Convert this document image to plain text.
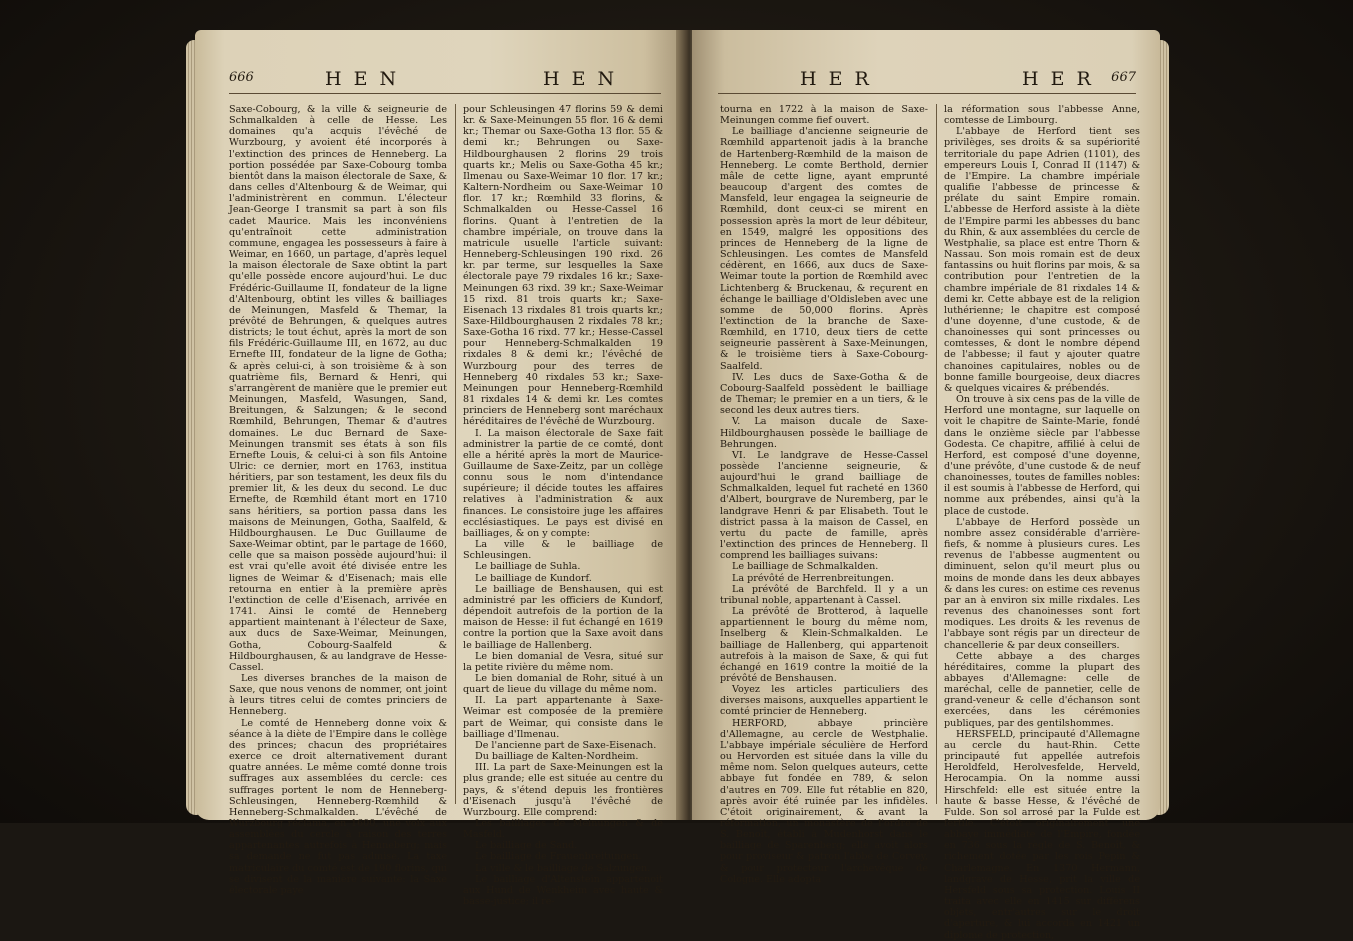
666	H E N	H E N

Saxe-Cobourg, & la ville & seigneurie de Schmalkalden à celle de Hesse. Les domaines qu'a acquis l'évêché de Wurzbourg, y avoient été incorporés à l'extinction des princes de Henneberg. La portion possédée par Saxe-Cobourg tomba bientôt dans la maison électorale de Saxe, & dans celles d'Altenbourg & de Weimar, qui l'administrèrent en commun. L'électeur Jean-George I transmit sa part à son fils cadet Maurice. Mais les inconvéniens qu'entraînoit cette administration commune, engagea les possesseurs à faire à Weimar, en 1660, un partage, d'après lequel la maison électorale de Saxe obtint la part qu'elle possède encore aujourd'hui. Le duc Frédéric-Guillaume II, fondateur de la ligne d'Altenbourg, obtint les villes & bailliages de Meinungen, Masfeld & Themar, la prévôté de Behrungen, & quelques autres districts; le tout échut, après la mort de son fils Frédéric-Guillaume III, en 1672, au duc Ernefte III, fondateur de la ligne de Gotha; & après celui-ci, à son troisième & à son quatrième fils, Bernard & Henri, qui s'arrangèrent de manière que le premier eut Meinungen, Masfeld, Wasungen, Sand, Breitungen, & Salzungen; & le second Rœmhild, Behrungen, Themar & d'autres domaines. Le duc Bernard de Saxe-Meinungen transmit ses états à son fils Ernefte Louis, & celui-ci à son fils Antoine Ulric: ce dernier, mort en 1763, institua héritiers, par son testament, les deux fils du premier lit, & les deux du second. Le duc Ernefte, de Rœmhild étant mort en 1710 sans héritiers, sa portion passa dans les maisons de Meinungen, Gotha, Saalfeld, & Hildbourghausen. Le Duc Guillaume de Saxe-Weimar obtint, par le partage de 1660, celle que sa maison possède aujourd'hui: il est vrai qu'elle avoit été divisée entre les lignes de Weimar & d'Eisenach; mais elle retourna en entier à la première après l'extinction de celle d'Eisenach, arrivée en 1741. Ainsi le comté de Henneberg appartient maintenant à l'électeur de Saxe, aux ducs de Saxe-Weimar, Meinungen, Gotha, Cobourg-Saalfeld & Hildbourghausen, & au landgrave de Hesse-Cassel.

Les diverses branches de la maison de Saxe, que nous venons de nommer, ont joint à leurs titres celui de comtes princiers de Henneberg.

Le comté de Henneberg donne voix & séance à la diète de l'Empire dans le collège des princes; chacun des propriétaires exerce ce droit alternativement durant quatre années. Le même comté donne trois suffrages aux assemblées du cercle: ces suffrages portent le nom de Henneberg-Schleusingen, Henneberg-Rœmhild & Henneberg-Schmalkalden. L'évêché de Wurzbourg réclama, en 1600, une voix aux assemblées du cercle à raison des terres appartenantes autrefois à Henneberg; mais sa demande ne fut pas admise. La taxe matriculaire du comté est de 190 florins, qui se divisent de la manière suivante: la Saxe électorale paye

pour Schleusingen 47 florins 59 & demi kr. & Saxe-Meinungen 55 flor. 16 & demi kr.; Themar ou Saxe-Gotha 13 flor. 55 & demi kr.; Behrungen ou Saxe-Hildbourghausen 2 florins 29 trois quarts kr.; Melis ou Saxe-Gotha 45 kr.; Ilmenau ou Saxe-Weimar 10 flor. 17 kr.; Kaltern-Nordheim ou Saxe-Weimar 10 flor. 17 kr.; Rœmhild 33 florins, & Schmalkalden ou Hesse-Cassel 16 florins. Quant à l'entretien de la chambre impériale, on trouve dans la matricule usuelle l'article suivant: Henneberg-Schleusingen 190 rixd. 26 kr. par terme, sur lesquelles la Saxe électorale paye 79 rixdales 16 kr.; Saxe-Meinungen 63 rixd. 39 kr.; Saxe-Weimar 15 rixd. 81 trois quarts kr.; Saxe-Eisenach 13 rixdales 81 trois quarts kr.; Saxe-Hildbourghausen 2 rixdales 78 kr.; Saxe-Gotha 16 rixd. 77 kr.; Hesse-Cassel pour Henneberg-Schmalkalden 19 rixdales 8 & demi kr.; l'évêché de Wurzbourg pour des terres de Henneberg 40 rixdales 53 kr.; Saxe-Meinungen pour Henneberg-Rœmhild 81 rixdales 14 & demi kr. Les comtes princiers de Henneberg sont maréchaux héréditaires de l'évêché de Wurzbourg.

I. La maison électorale de Saxe fait administrer la partie de ce comté, dont elle a hérité après la mort de Maurice-Guillaume de Saxe-Zeitz, par un collège connu sous le nom d'intendance supérieure; il décide toutes les affaires relatives à l'administration & aux finances. Le consistoire juge les affaires ecclésiastiques. Le pays est divisé en bailliages, & on y compte:

La ville & le bailliage de Schleusingen.

Le bailliage de Suhla.

Le bailliage de Kundorf.

Le bailliage de Benshausen, qui est administré par les officiers de Kundorf, dépendoit autrefois de la portion de la maison de Hesse: il fut échangé en 1619 contre la portion que la Saxe avoit dans le bailliage de Hallenberg.

Le bien domanial de Vesra, situé sur la petite rivière du même nom.

Le bien domanial de Rohr, situé à un quart de lieue du village du même nom.

II. La part appartenante à Saxe-Weimar est composée de la première part de Weimar, qui consiste dans le bailliage d'Ilmenau.

De l'ancienne part de Saxe-Eisenach.

Du bailliage de Kalten-Nordheim.

III. La part de Saxe-Meinungen est la plus grande; elle est située au centre du pays, & s'étend depuis les frontières d'Eisenach jusqu'à l'évêché de Wurzbourg. Elle comprend:

Les bailliages de Meinungen & de Masfeld.

Le bailliage de Sand.

Le bailliage de Frauenbreitungen.

La ville & le bailliage de Salzungen.

Le bailliage d'Altenstein appartenoit aux Hund de Wenkheim avec haute & basse-justice; il re-

H E R	H E R 667

tourna en 1722 à la maison de Saxe-Meinungen comme fief ouvert.

Le bailliage d'ancienne seigneurie de Rœmhild appartenoit jadis à la branche de Hartenberg-Rœmhild de la maison de Henneberg. Le comte Berthold, dernier mâle de cette ligne, ayant emprunté beaucoup d'argent des comtes de Mansfeld, leur engagea la seigneurie de Rœmhild, dont ceux-ci se mirent en possession après la mort de leur débiteur, en 1549, malgré les oppositions des princes de Henneberg de la ligne de Schleusingen. Les comtes de Mansfeld cédèrent, en 1666, aux ducs de Saxe-Weimar toute la portion de Rœmhild avec Lichtenberg & Bruckenau, & reçurent en échange le bailliage d'Oldisleben avec une somme de 50,000 florins. Après l'extinction de la branche de Saxe-Rœmhild, en 1710, deux tiers de cette seigneurie passèrent à Saxe-Meinungen, & le troisième tiers à Saxe-Cobourg-Saalfeld.

IV. Les ducs de Saxe-Gotha & de Cobourg-Saalfeld possèdent le bailliage de Themar; le premier en a un tiers, & le second les deux autres tiers.

V. La maison ducale de Saxe-Hildbourghausen possède le bailliage de Behrungen.

VI. Le landgrave de Hesse-Cassel possède l'ancienne seigneurie, & aujourd'hui le grand bailliage de Schmalkalden, lequel fut racheté en 1360 d'Albert, bourgrave de Nuremberg, par le landgrave Henri & par Elisabeth. Tout le district passa à la maison de Cassel, en vertu du pacte de famille, après l'extinction des princes de Henneberg. Il comprend les bailliages suivans:

Le bailliage de Schmalkalden.

La prévôté de Herrenbreitungen.

La prévôté de Barchfeld. Il y a un tribunal noble, appartenant à Cassel.

La prévôté de Brotterod, à laquelle appartiennent le bourg du même nom, Inselberg & Klein-Schmalkalden. Le bailliage de Hallenberg, qui appartenoit autrefois à la maison de Saxe, & qui fut échangé en 1619 contre la moitié de la prévôté de Benshausen.

Voyez les articles particuliers des diverses maisons, auxquelles appartient le comté princier de Henneberg.

HERFORD, abbaye princière d'Allemagne, au cercle de Westphalie. L'abbaye impériale séculière de Herford ou Hervorden est située dans la ville du même nom. Selon quelques auteurs, cette abbaye fut fondée en 789, & selon d'autres en 709. Elle fut rétablie en 820, après avoir été ruinée par les infidèles. C'étoit originairement, & avant la réformation, un monastère de l'ordre de S. Benoît, établi à Mudenhorst dans le bailliage de Sparenberg; elle avoit alors pour proviseur & patron l'abbé de Corvey, & pour protecteur l'archevêque de Cologne. Elle adopta

la réformation sous l'abbesse Anne, comtesse de Limbourg.

L'abbaye de Herford tient ses privilèges, ses droits & sa supériorité territoriale du pape Adrien (1101), des empereurs Louis I, Conrad II (1147) & de l'Empire. La chambre impériale qualifie l'abbesse de princesse & prélate du saint Empire romain. L'abbesse de Herford assiste à la diète de l'Empire parmi les abbesses du banc du Rhin, & aux assemblées du cercle de Westphalie, sa place est entre Thorn & Nassau. Son mois romain est de deux fantassins ou huit florins par mois, & sa contribution pour l'entretien de la chambre impériale de 81 rixdales 14 & demi kr. Cette abbaye est de la religion luthérienne; le chapitre est composé d'une doyenne, d'une custode, & de chanoinesses qui sont princesses ou comtesses, & dont le nombre dépend de l'abbesse; il faut y ajouter quatre chanoines capitulaires, nobles ou de bonne famille bourgeoise, deux diacres & quelques vicaires & prébendés.

On trouve à six cens pas de la ville de Herford une montagne, sur laquelle on voit le chapitre de Sainte-Marie, fondé dans le onzième siècle par l'abbesse Godesta. Ce chapitre, affilié à celui de Herford, est composé d'une doyenne, d'une prévôte, d'une custode & de neuf chanoinesses, toutes de familles nobles: il est soumis à l'abbesse de Herford, qui nomme aux prébendes, ainsi qu'à la place de custode.

L'abbaye de Herford possède un nombre assez considérable d'arrière-fiefs, & nomme à plusieurs cures. Les revenus de l'abbesse augmentent ou diminuent, selon qu'il meurt plus ou moins de monde dans les deux abbayes & dans les cures: on estime ces revenus par an à environ six mille rixdales. Les revenus des chanoinesses sont fort modiques. Les droits & les revenus de l'abbaye sont régis par un directeur de chancellerie & par deux conseillers.

Cette abbaye a des charges héréditaires, comme la plupart des abbayes d'Allemagne: celle de maréchal, celle de pannetier, celle de grand-veneur & celle d'échanson sont exercées, dans les cérémonies publiques, par des gentilshommes.

HERSFELD, principauté d'Allemagne au cercle du haut-Rhin. Cette principauté fut appellée autrefois Heroldfeld, Herolvesfelde, Herveld, Herocampia. On la nomme aussi Hirschfeld: elle est située entre la haute & basse Hesse, & l'évêché de Fulde. Son sol arrosé par la Fulde est fertile. C'étoit originairement une abbaye immédiate de l'Empire, fondée en 736 sous la règle de S. Benoît, & richement dotée par les rois Pepin & Charlemagne. En 1370 Hermann, landgrave de Hesse, prit la ville de Hersfeld sous sa protection. Louis II traita avec elle en 1415 sur différens objets, entr'autres sur le droit d'aperture, & lui accorda en 1421 un diplome de protection,
